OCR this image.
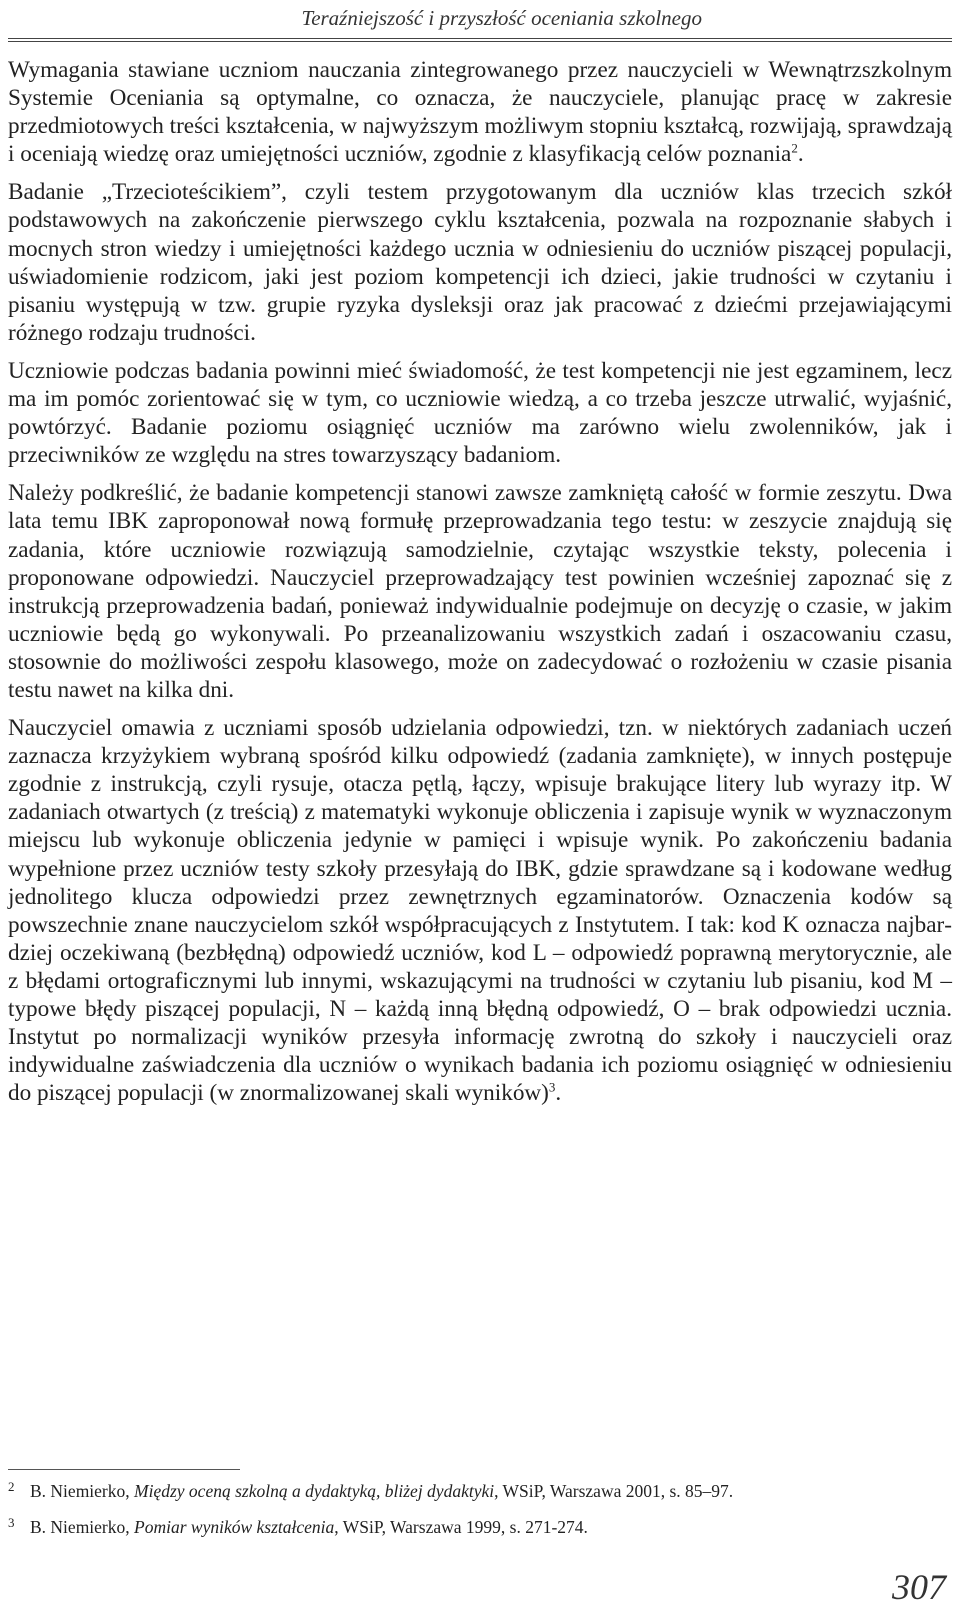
Teraźniejszość i przyszłość oceniania szkolnego

Wymagania stawiane uczniom nauczania zintegrowanego przez nauczycieli w Wewnątrzszkolnym Systemie Oceniania są optymalne, co oznacza, że nauczyciele, planując pracę w zakresie przedmiotowych treści kształcenia, w najwyższym możliwym stopniu kształcą, rozwijają, sprawdzają i oceniają wiedzę oraz umiejętności uczniów, zgodnie z klasyfikacją celów poznania$^2$.

Badanie „Trzecioteścikiem”, czyli testem przygotowanym dla uczniów klas trzecich szkół podstawowych na zakończenie pierwszego cyklu kształcenia, pozwala na rozpoznanie słabych i mocnych stron wiedzy i umiejętności każdego ucznia w odniesieniu do uczniów piszącej populacji, uświadomienie rodzicom, jaki jest poziom kompetencji ich dzieci, jakie trudności w czytaniu i pisaniu występują w tzw. grupie ryzyka dysleksji oraz jak pracować z dziećmi przejawiającymi różnego rodzaju trudności.

Uczniowie podczas badania powinni mieć świadomość, że test kompetencji nie jest egzaminem, lecz ma im pomóc zorientować się w tym, co uczniowie wiedzą, a co trzeba jeszcze utrwalić, wyjaśnić, powtórzyć. Badanie poziomu osiągnięć uczniów ma zarówno wielu zwolenników, jak i przeciwników ze względu na stres towarzyszący badaniom.

Należy podkreślić, że badanie kompetencji stanowi zawsze zamkniętą całość w formie zeszytu. Dwa lata temu IBK zaproponował nową formułę przeprowadzania tego testu: w zeszycie znajdują się zadania, które uczniowie rozwiązują samodzielnie, czytając wszystkie teksty, polecenia i proponowane odpowiedzi. Nauczyciel przeprowadzający test powinien wcześniej zapoznać się z instrukcją przeprowadzenia badań, ponieważ indywidualnie podejmuje on decyzję o czasie, w jakim uczniowie będą go wykonywali. Po przeanalizowaniu wszystkich zadań i oszacowaniu czasu, stosownie do możliwości zespołu klasowego, może on zadecydować o rozłożeniu w czasie pisania testu nawet na kilka dni.

Nauczyciel omawia z uczniami sposób udzielania odpowiedzi, tzn. w niektórych zadaniach uczeń zaznacza krzyżykiem wybraną spośród kilku odpowiedź (zadania zamknięte), w innych postępuje zgodnie z instrukcją, czyli rysuje, otacza pętlą, łączy, wpisuje brakujące litery lub wyrazy itp. W zadaniach otwartych (z treścią) z matematyki wykonuje obliczenia i zapisuje wynik w wyznaczonym miejscu lub wykonuje obliczenia jedynie w pamięci i wpisuje wynik. Po zakończeniu badania wypełnione przez uczniów testy szkoły przesyłają do IBK, gdzie sprawdzane są i kodowane według jednolitego klucza odpowiedzi przez zewnętrznych egzaminatorów. Oznaczenia kodów są powszechnie znane nauczycielom szkół współpracujących z Instytutem. I tak: kod K oznacza najbardziej oczekiwaną (bezbłędną) odpowiedź uczniów, kod L – odpowiedź poprawną merytorycznie, ale z błędami ortograficznymi lub innymi, wskazującymi na trudności w czytaniu lub pisaniu, kod M – typowe błędy piszącej populacji, N – każdą inną błędną odpowiedź, O – brak odpowiedzi ucznia. Instytut po normalizacji wyników przesyła informację zwrotną do szkoły i nauczycieli oraz indywidualne zaświadczenia dla uczniów o wynikach badania ich poziomu osiągnięć w odniesieniu do piszącej populacji (w znormalizowanej skali wyników)$^3$.

2 B. Niemierko, Między oceną szkolną a dydaktyką, bliżej dydaktyki, WSiP, Warszawa 2001, s. 85–97.
3 B. Niemierko, Pomiar wyników kształcenia, WSiP, Warszawa 1999, s. 271-274.
307
